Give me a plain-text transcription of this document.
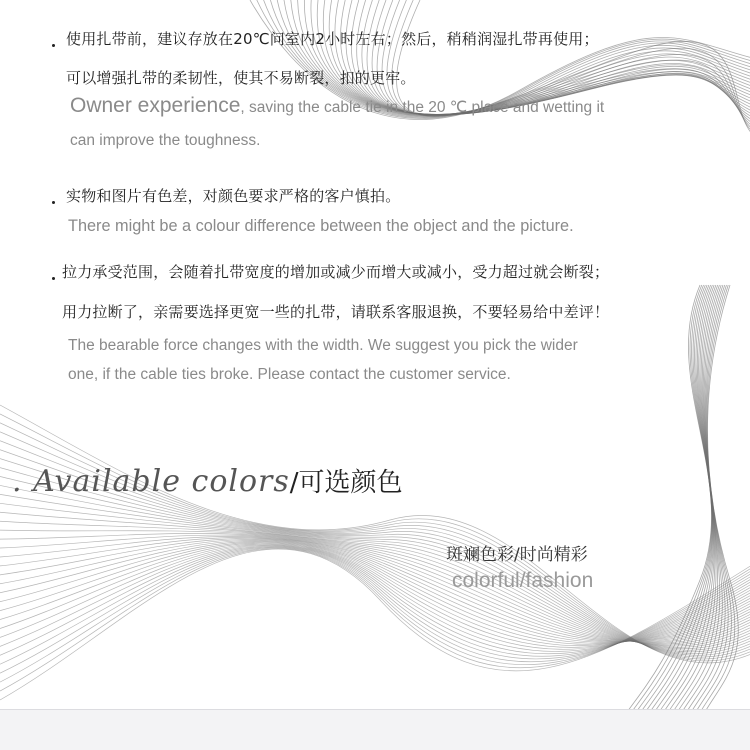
使用扎带前，建议存放在20℃问室内2小时左右；然后，稍稍润湿扎带再使用；
可以增强扎带的柔韧性，使其不易断裂，扣的更牢。
Owner experience, saving the cable tie in the 20 ℃ place and wetting it
can improve the toughness.
实物和图片有色差，对颜色要求严格的客户慎拍。
There might be a colour difference between the object and the picture.
拉力承受范围，会随着扎带宽度的增加或减少而增大或减小，受力超过就会断裂；
用力拉断了，亲需要选择更宽一些的扎带，请联系客服退换，不要轻易给中差评！
The bearable force changes with the width. We suggest you pick the wider
one, if the cable ties broke. Please contact the customer service.
. Available colors/可选颜色
斑斓色彩/时尚精彩
colorful/fashion
